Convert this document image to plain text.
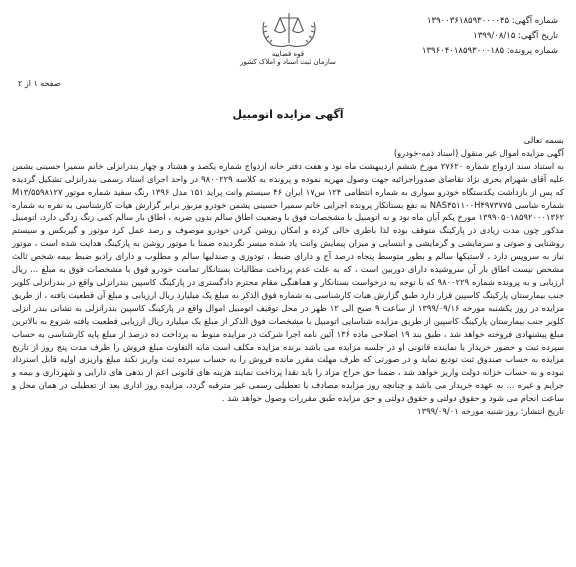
قوه قضاییه
سازمان ثبت اسناد و املاک کشور
شماره آگهی: ۱۳۹۰۰۳۶۱۸۵۹۳۰۰۰۰۴۵
تاریخ آگهی: ۱۳۹۹/۰۸/۱۵
شماره پرونده: ۱۳۹۶۰۴۰۱۸۵۹۳۰۰۰۱۸۵
صفحه ۱ از ۲
آگهی مزایده اتومبیل

بسمه تعالی

آگهی مزایده اموال غیر منقول (اسناد ذمه-خودرو)

به استناد سند ازدواج شماره ۲۷۶۲۰ مورخ ششم اردیبهشت ماه نود و هفت دفتر خانه ازدواج شماره یکصد و هشتاد و چهار بندرانزلی خانم سمیرا حسینی یشمن علیه آقای شهرام بحری نژاد تقاضای صدوراجرائیه جهت وصول مهریه نموده و پرونده به کلاسه ۹۸۰۰۲۲۹ در واحد اجرای اسناد رسمی بندرانزلی تشکیل گردیده که پس از بازداشت یکدستگاه خودرو سواری به شماره انتظامی ۱۲۴ س۱۷ ایران ۴۶ سیستم وانت پراید ۱۵۱ مدل ۱۳۹۶ رنگ سفید شماره موتور M۱۳/۵۵۹۸۱۲۷ شماره شاسی NAS۴۵۱۱۰۰H۴۹۷۳۷۷۵ به نفع بستانکار پرونده اجرایی خانم سمیرا حسینی یشمن خودرو مزبور برابر گزارش هیات کارشناسی به نفره به شماره ۱۳۹۹۰۵۰۱۸۵۹۲۰۰۰۱۳۶۲ مورخ یکم آبان ماه نود و نه اتومبیل با مشخصات فوق با وضعیت اطاق سالم بدون ضربه ، اطاق بار سالم کمی زنگ زدگی دارد، اتومبیل مذکور چون مدت زیادی در پارکینگ متوقف بوده لذا باطری خالی کرده و امکان روشن کردن خودرو موصوف و رصد عمل کرد موتور و گیربکس و سیستم روشنایی و صوتی و سرمایشی و گرمایشی و ابتسایی و میزان پیمایش وانت یاد شده میسر نگردیده ضمنا با موتور روشن به پارکینگ هدایت شده است ، موتور نیاز به سرویس دارد ، لاستیکها سالم و بطور متوسط پنجاه درصد آج و دارای ضبط ، تودوزی و صندلیها سالم و مطلوب و دارای رادیو ضبط بیمه شخص ثالث مشخص نیست اطاق بار آن سروشیده دارای دوربین است ، که به علت عدم پرداخت مطالبات بستانکار تمامت خودرو فوق با مشخصات فوق به مبلغ ... ریال ارزیابی و به پرونده شماره ۹۸۰۰۲۲۹ که با توجه به درخواست بستانکار و هماهنگی مقام محترم دادگستری در پارکینگ کاسپین بندرانزلی واقع در بندرانزلی کلوبر جنب بیمارستان پارکینگ کاسپین قرار دارد طبق گزارش هیات کارشناسی به شماره فوق الذکر به مبلغ یک میلیارد ریال ارزیابی و مبلغ آن قطعیت یافته ، از طریق مزایده در روز یکشنبه مورخه ۱۳۹۹/۰۹/۱۶ از ساعت ۹ صبح الی ۱۲ ظهر در محل توقیف اتومبیل اموال واقع در پارکینگ کاسپین بندرانزلی به نشانی بندر انزلی کلوبر جنب بیمارستان پارکینگ کاسپین از طریق مزایده شناسایی اتومبیل با مشخصات فوق الذکر از مبلغ یک میلیارد ریال ارزیابی قطعیت یافته شروع به بالاترین مبلغ پیشنهادی فروخته خواهد شد ، طبق بند ۱۹ اصلاحی ماده ۱۳۶ آئین نامه اجرا شرکت در مزایده منوط به پرداخت ده درصد از مبلغ پایه کارشناسی به حساب سپرده ثبت و حضور خریدار یا نماینده قانونی او در جلسه مزایده می باشد برنده مزایده مکلف است مابه التفاوت مبلغ فروش را ظرف مدت پنج روز از تاریخ مزایده به حساب صندوق ثبت تودیع نماید و در صورتی که ظرف مهلت مقرر مانده فروش را به حساب سپرده ثبت واریز نکند مبلغ واریزی اولیه قابل استرداد نبوده و به حساب خزانه دولت واریز خواهد شد ، ضمنا حق حراج مزاد را باید نقدا پرداخت نمایند هزینه های قانونی اعم از بدهی های دارایی و شهرداری و بیمه و جرایم و غیره ... به عهده خریدار می باشد و چنانچه روز مزایده مصادف با تعطیلی رسمی غیر مترقبه گردد، مزایده روز اداری بعد از تعطیلی در همان محل و ساعت انجام می شود و حقوق دولتی و حقوق دولتی و حق مزایده طبق مقررات وصول خواهد شد .

تاریخ انتشار: روز شنبه مورخه ۱۳۹۹/۰۹/۰۱
